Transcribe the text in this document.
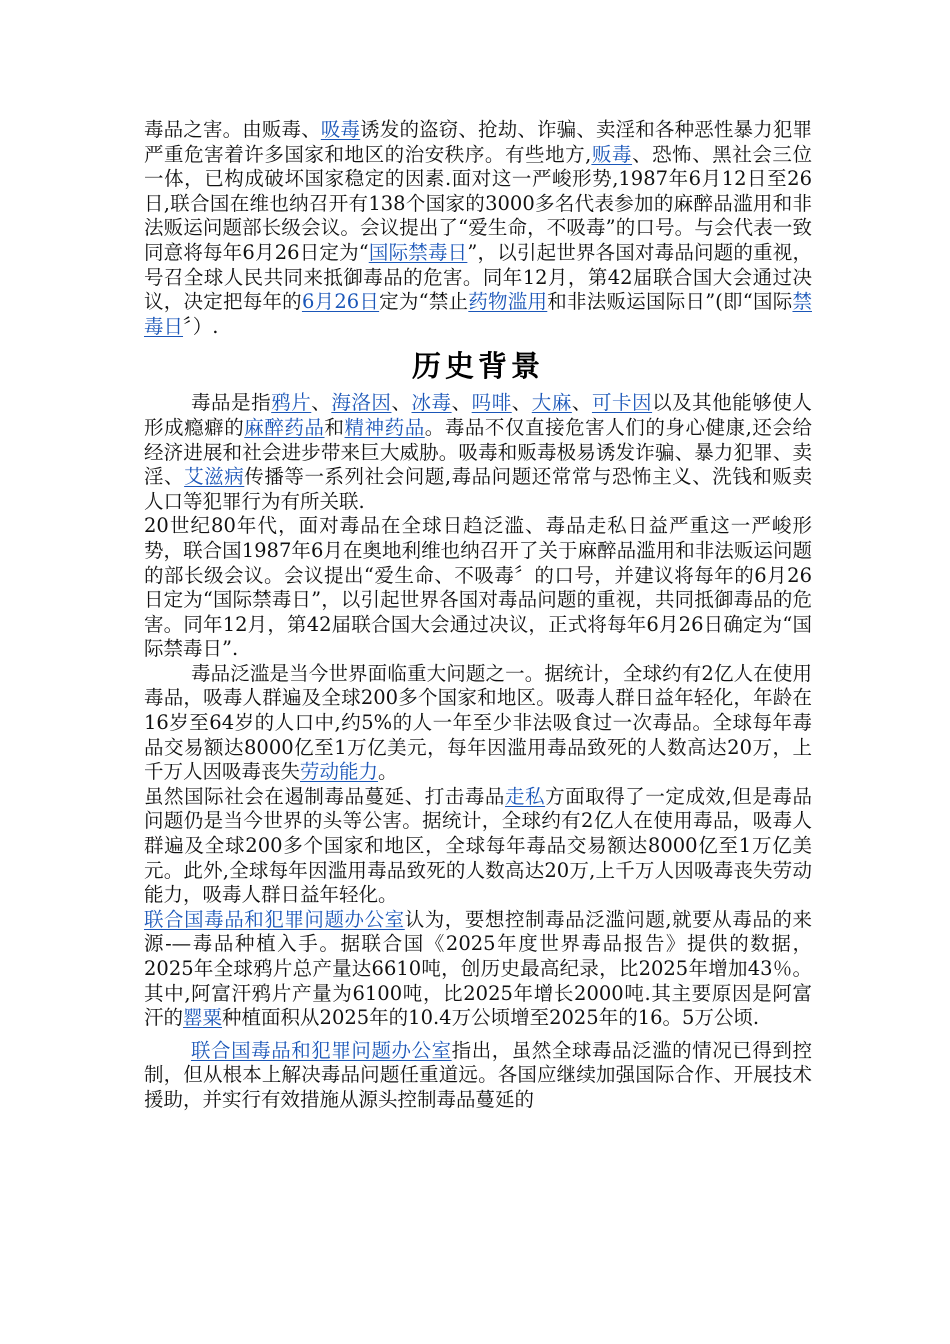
毒品之害。由贩毒、吸毒诱发的盗窃、抢劫、诈骗、卖淫和各种恶性暴力犯罪严重危害着许多国家和地区的治安秩序。有些地方,贩毒、恐怖、黑社会三位一体，已构成破坏国家稳定的因素.面对这一严峻形势,1987年6月12日至26日,联合国在维也纳召开有138个国家的3000多名代表参加的麻醉品滥用和非法贩运问题部长级会议。会议提出了“爱生命，不吸毒”的口号。与会代表一致同意将每年6月26日定为“国际禁毒日”，以引起世界各国对毒品问题的重视，号召全球人民共同来抵御毒品的危害。同年12月，第42届联合国大会通过决议，决定把每年的6月26日定为“禁止药物滥用和非法贩运国际日”(即“国际禁毒日〞）.

历史背景

毒品是指鸦片、海洛因、冰毒、吗啡、大麻、可卡因以及其他能够使人形成瘾癖的麻醉药品和精神药品。毒品不仅直接危害人们的身心健康,还会给经济进展和社会进步带来巨大威胁。吸毒和贩毒极易诱发诈骗、暴力犯罪、卖淫、艾滋病传播等一系列社会问题,毒品问题还常常与恐怖主义、洗钱和贩卖人口等犯罪行为有所关联.

20世纪80年代，面对毒品在全球日趋泛滥、毒品走私日益严重这一严峻形势，联合国1987年6月在奥地利维也纳召开了关于麻醉品滥用和非法贩运问题的部长级会议。会议提出“爱生命、不吸毒〞的口号，并建议将每年的6月26日定为“国际禁毒日”，以引起世界各国对毒品问题的重视，共同抵御毒品的危害。同年12月，第42届联合国大会通过决议，正式将每年6月26日确定为“国际禁毒日”.

毒品泛滥是当今世界面临重大问题之一。据统计，全球约有2亿人在使用毒品，吸毒人群遍及全球200多个国家和地区。吸毒人群日益年轻化，年龄在16岁至64岁的人口中,约5%的人一年至少非法吸食过一次毒品。全球每年毒品交易额达8000亿至1万亿美元，每年因滥用毒品致死的人数高达20万，上千万人因吸毒丧失劳动能力。

虽然国际社会在遏制毒品蔓延、打击毒品走私方面取得了一定成效,但是毒品问题仍是当今世界的头等公害。据统计，全球约有2亿人在使用毒品，吸毒人群遍及全球200多个国家和地区，全球每年毒品交易额达8000亿至1万亿美元。此外,全球每年因滥用毒品致死的人数高达20万,上千万人因吸毒丧失劳动能力，吸毒人群日益年轻化。

联合国毒品和犯罪问题办公室认为，要想控制毒品泛滥问题,就要从毒品的来源-—毒品种植入手。据联合国《2025年度世界毒品报告》提供的数据，2025年全球鸦片总产量达6610吨，创历史最高纪录，比2025年增加43％。其中,阿富汗鸦片产量为6100吨，比2025年增长2000吨.其主要原因是阿富汗的罂粟种植面积从2025年的10.4万公顷增至2025年的16。5万公顷.

联合国毒品和犯罪问题办公室指出，虽然全球毒品泛滥的情况已得到控制，但从根本上解决毒品问题任重道远。各国应继续加强国际合作、开展技术援助，并实行有效措施从源头控制毒品蔓延的
